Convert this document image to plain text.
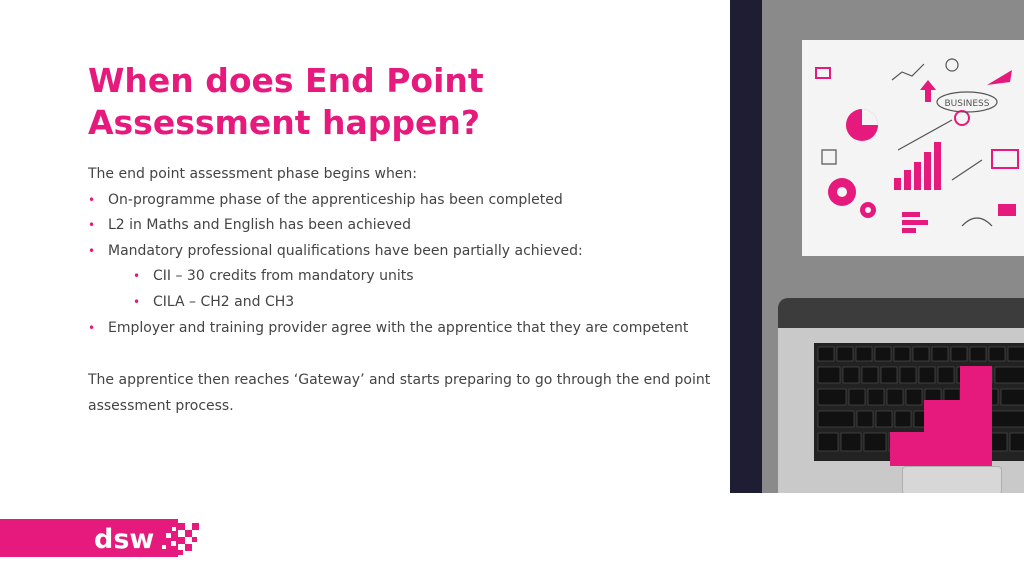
When does End Point Assessment happen?
The end point assessment phase begins when:
• On-programme phase of the apprenticeship has been completed
• L2 in Maths and English has been achieved
• Mandatory professional qualifications have been partially achieved:
• CII – 30 credits from mandatory units
• CILA – CH2 and CH3
• Employer and training provider agree with the apprentice that they are competent
The apprentice then reaches ‘Gateway’ and starts preparing to go through the end point
assessment process.
BUSINESS
dsw
